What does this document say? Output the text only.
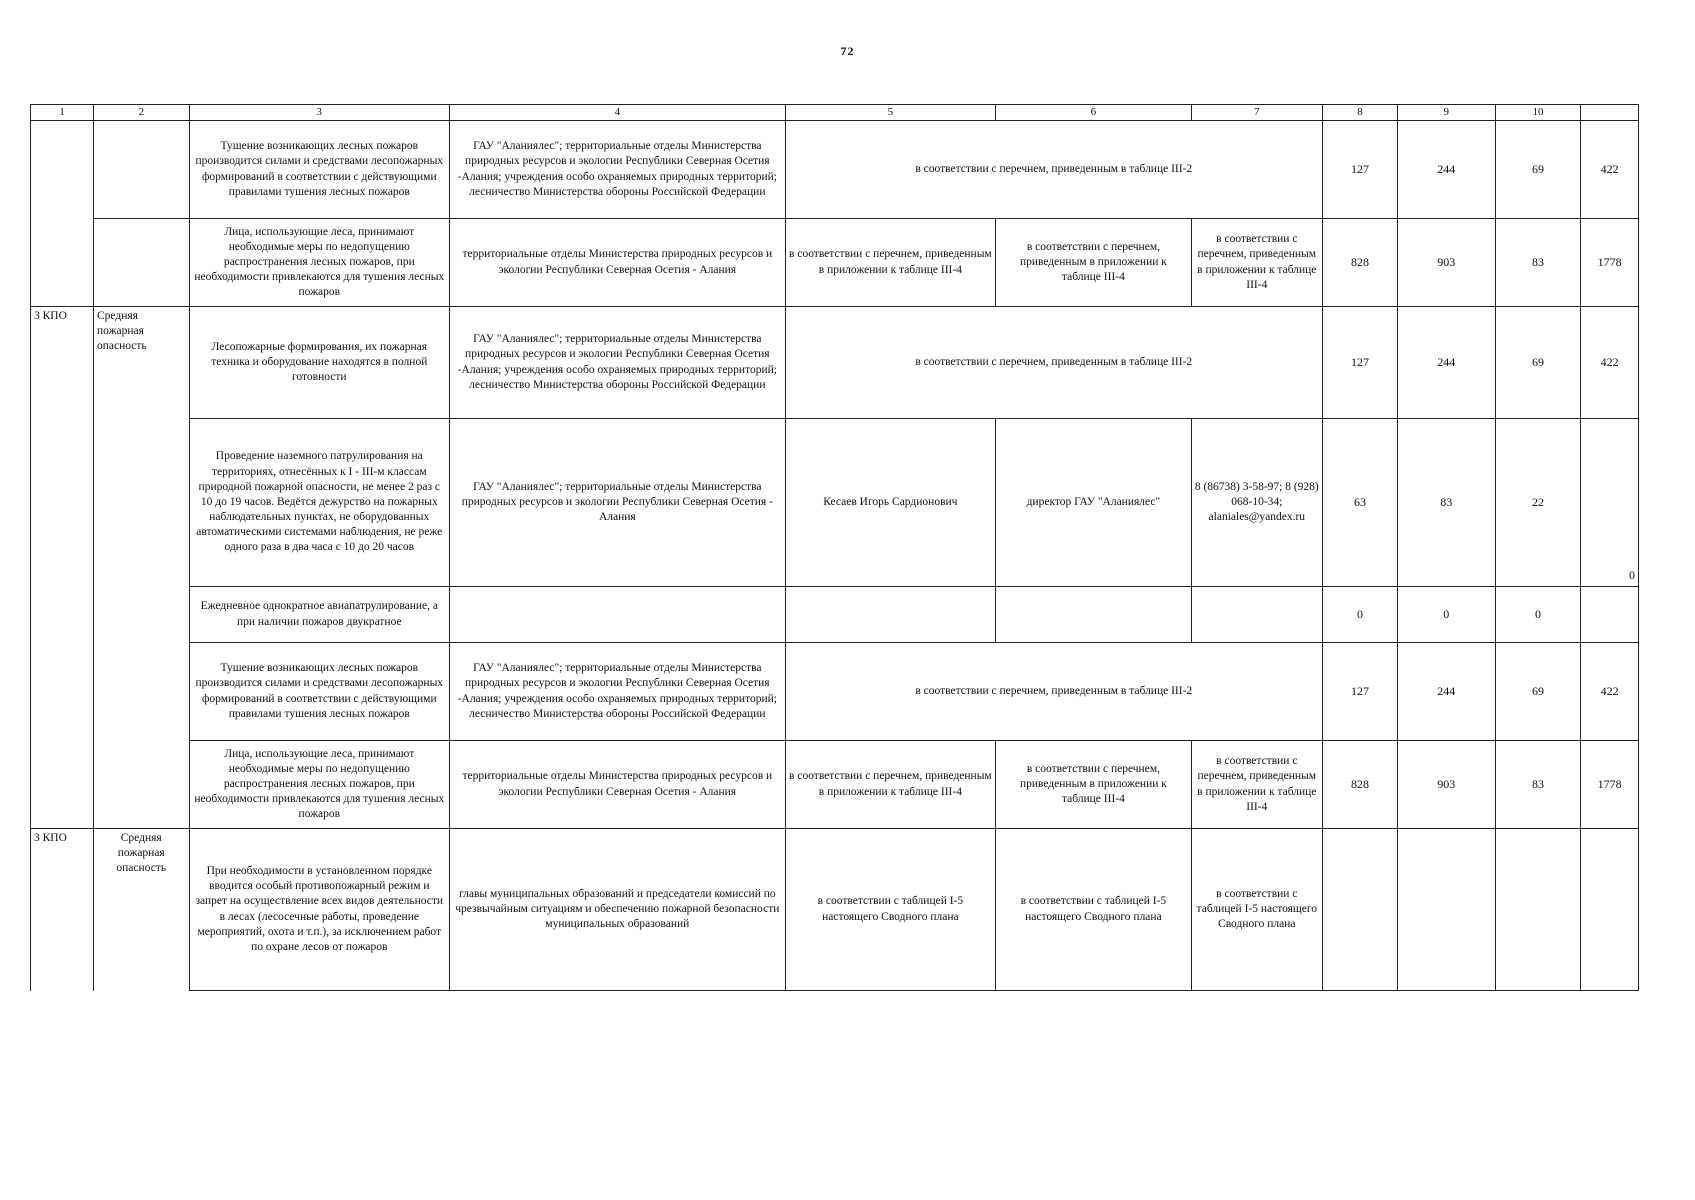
72
1	2	3	4	5	6	7	8	9	10	
		Тушение возникающих лесных пожаров производится силами и средствами лесопожарных формирований в соответствии с действующими правилами тушения лесных пожаров	ГАУ "Аланиялес"; территориальные отделы Министерства природных ресурсов и экологии Республики Северная Осетия -Алания; учреждения особо охраняемых природных территорий; лесничество Министерства обороны Российской Федерации	в соответствии с перечнем, приведенным в таблице III-2			127	244	69	422
		Лица, использующие леса, принимают необходимые меры по недопущению распространения лесных пожаров, при необходимости привлекаются для тушения лесных пожаров	территориальные отделы Министерства природных ресурсов и экологии Республики Северная Осетия - Алания	в соответствии с перечнем, приведенным в приложении к таблице III-4	в соответствии с перечнем, приведенным в приложении к таблице III-4	в соответствии с перечнем, приведенным в приложении к таблице III-4	828	903	83	1778
3 КПО	Средняя пожарная опасность	Лесопожарные формирования, их пожарная техника и оборудование находятся в полной готовности	ГАУ "Аланиялес"; территориальные отделы Министерства природных ресурсов и экологии Республики Северная Осетия -Алания; учреждения особо охраняемых природных территорий; лесничество Министерства обороны Российской Федерации	в соответствии с перечнем, приведенным в таблице III-2			127	244	69	422
		Проведение наземного патрулирования на территориях, отнесённых к I - III-м классам природной пожарной опасности, не менее 2 раз с 10 до 19 часов. Ведётся дежурство на пожарных наблюдательных пунктах, не оборудованных автоматическими системами наблюдения, не реже одного раза в два часа с 10 до 20 часов	ГАУ "Аланиялес"; территориальные отделы Министерства природных ресурсов и экологии Республики Северная Осетия - Алания	Кесаев Игорь Сардионович	директор ГАУ "Аланиялес"	8 (86738) 3-58-97; 8 (928) 068-10-34; alaniales@yandex.ru	63	83	22	0
		Ежедневное однократное авиапатрулирование, а при наличии пожаров двукратное					0	0	0	
		Тушение возникающих лесных пожаров производится силами и средствами лесопожарных формирований в соответствии с действующими правилами тушения лесных пожаров	ГАУ "Аланиялес"; территориальные отделы Министерства природных ресурсов и экологии Республики Северная Осетия -Алания; учреждения особо охраняемых природных территорий; лесничество Министерства обороны Российской Федерации	в соответствии с перечнем, приведенным в таблице III-2			127	244	69	422
		Лица, использующие леса, принимают необходимые меры по недопущению распространения лесных пожаров, при необходимости привлекаются для тушения лесных пожаров	территориальные отделы Министерства природных ресурсов и экологии Республики Северная Осетия - Алания	в соответствии с перечнем, приведенным в приложении к таблице III-4	в соответствии с перечнем, приведенным в приложении к таблице III-4	в соответствии с перечнем, приведенным в приложении к таблице III-4	828	903	83	1778
3 КПО	Средняя пожарная опасность	При необходимости в установленном порядке вводится особый противопожарный режим и запрет на осуществление всех видов деятельности в лесах (лесосечные работы, проведение мероприятий, охота и т.п.), за исключением работ по охране лесов от пожаров	главы муниципальных образований и председатели комиссий по чрезвычайным ситуациям и обеспечению пожарной безопасности муниципальных образований	в соответствии с таблицей I-5 настоящего Сводного плана	в соответствии с таблицей I-5 настоящего Сводного плана	в соответствии с таблицей I-5 настоящего Сводного плана				
